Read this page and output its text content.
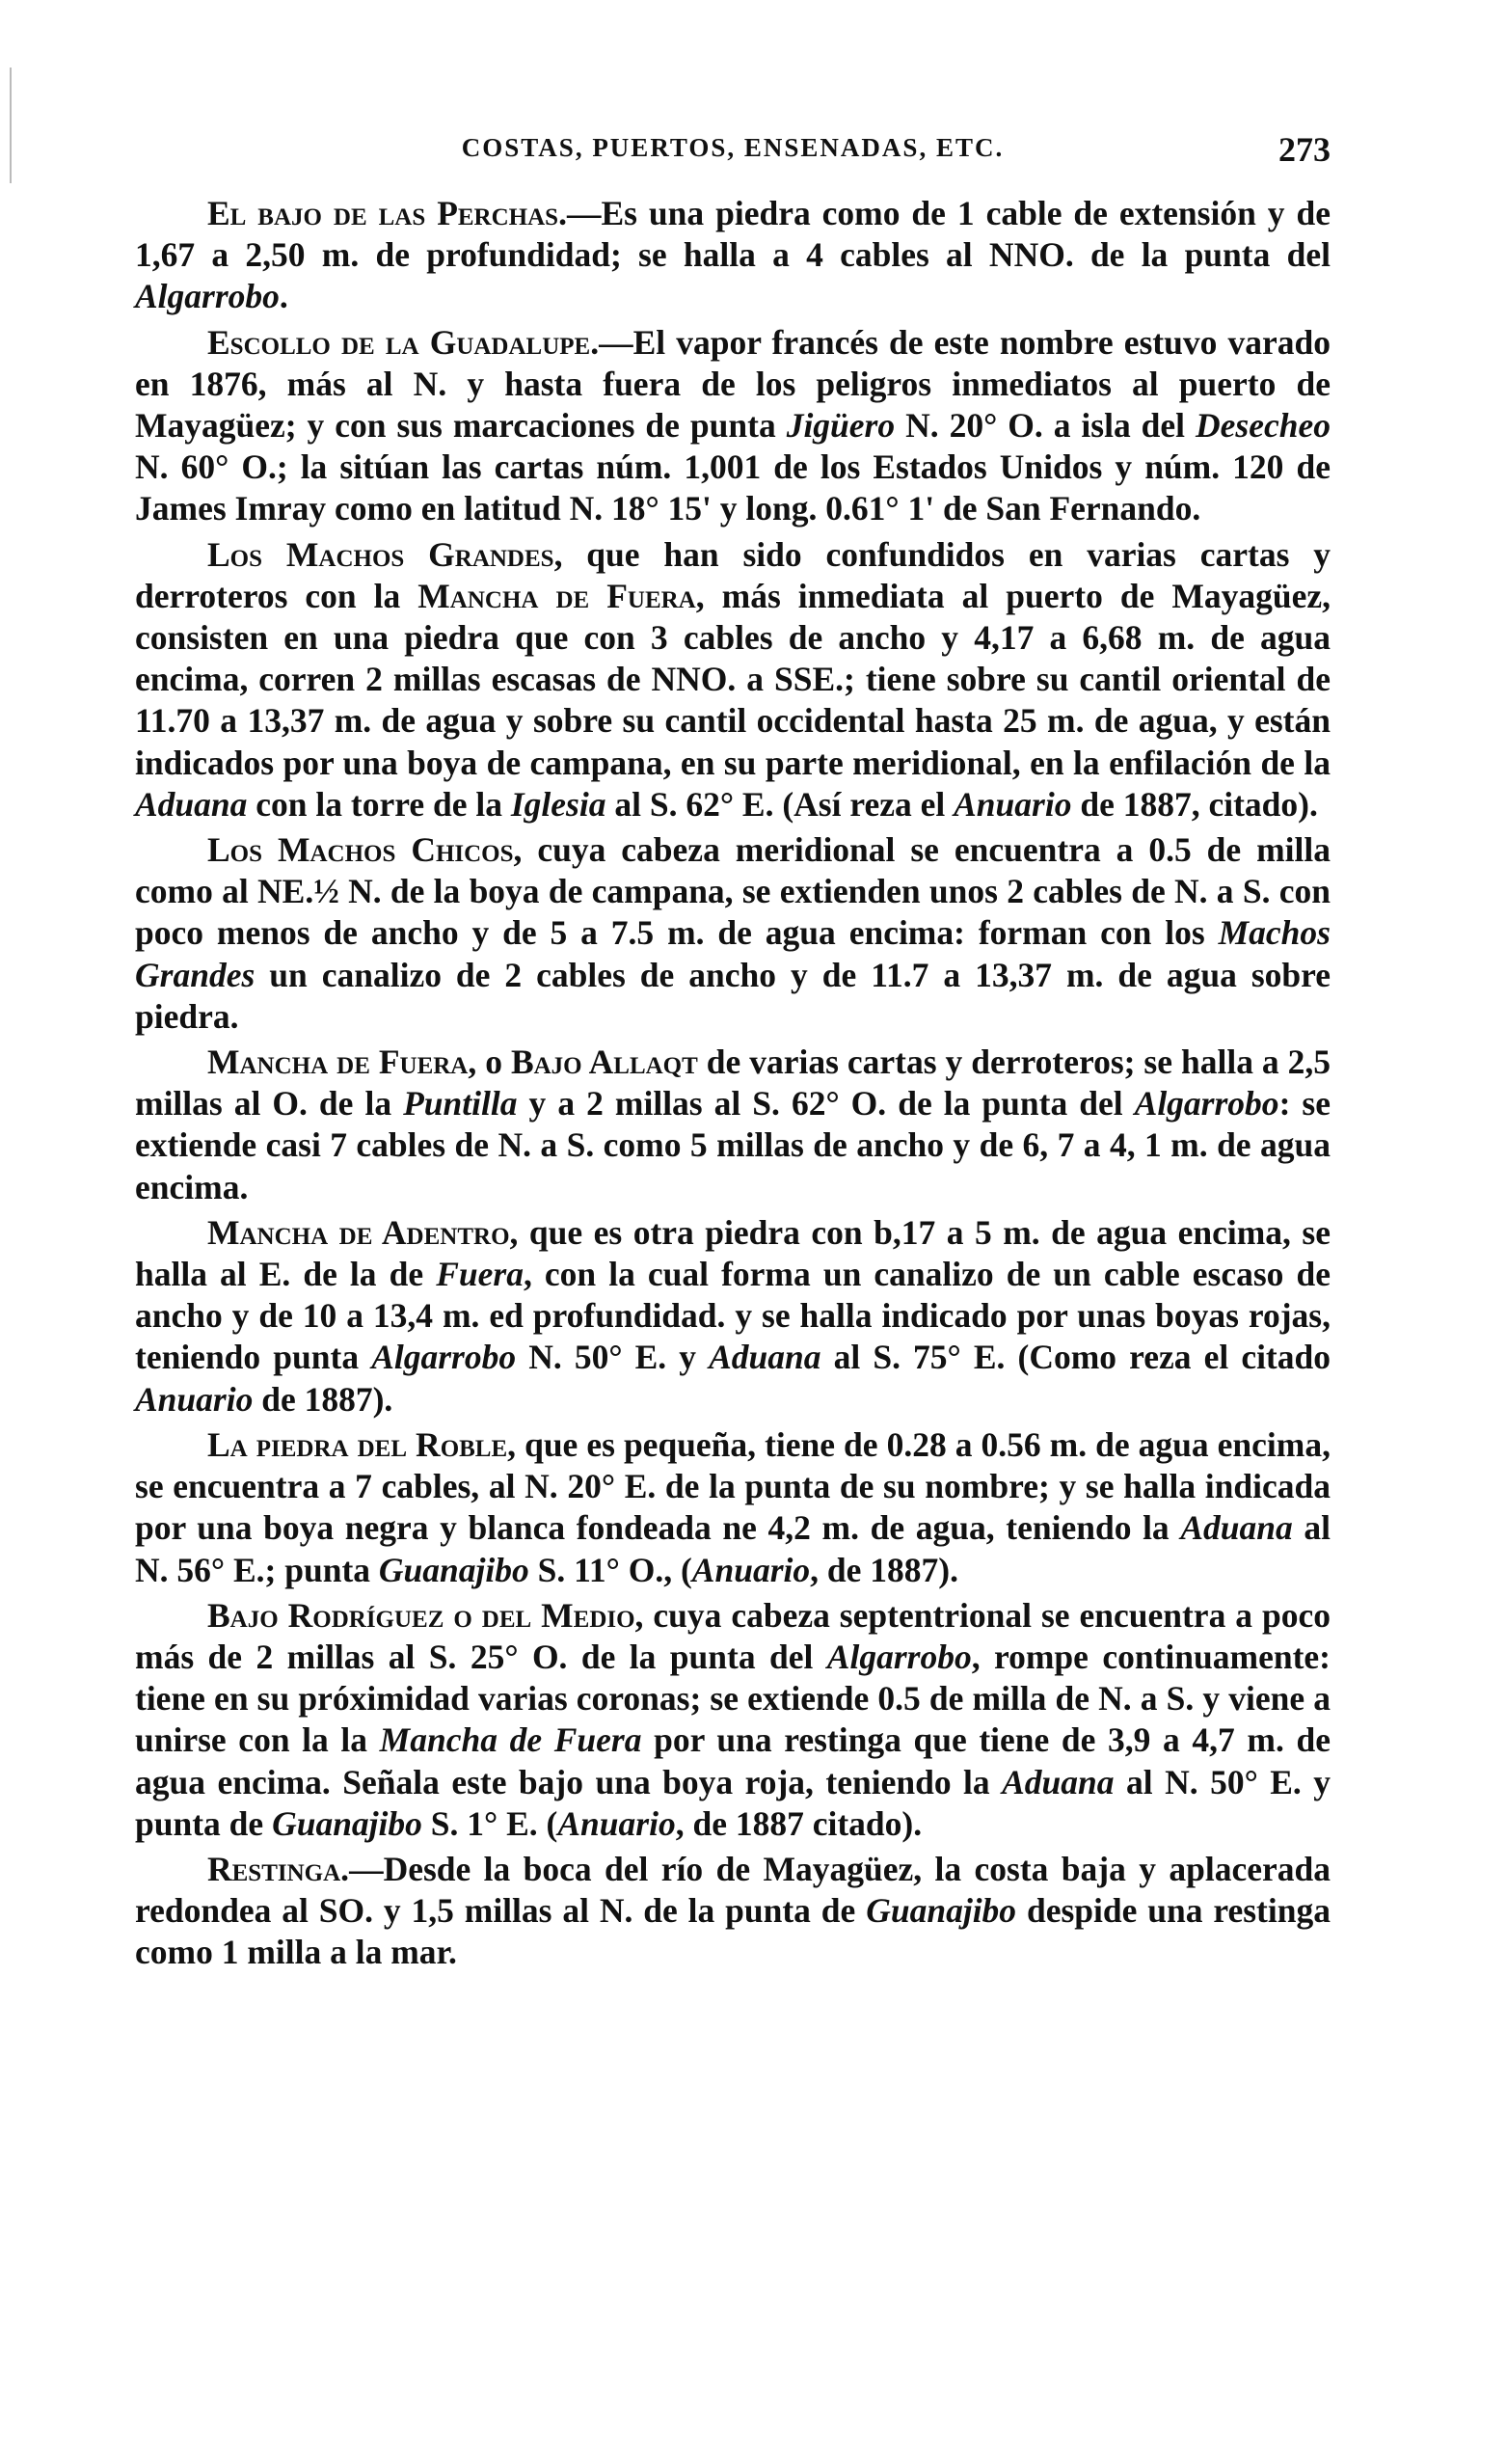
COSTAS, PUERTOS, ENSENADAS, ETC.	273

El bajo de las Perchas.—Es una piedra como de 1 cable de extensión y de 1,67 a 2,50 m. de profundidad; se halla a 4 cables al NNO. de la punta del Algarrobo.

Escollo de la Guadalupe.—El vapor francés de este nombre estuvo varado en 1876, más al N. y hasta fuera de los peligros inmediatos al puerto de Mayagüez; y con sus marcaciones de punta Jigüero N. 20° O. a isla del Desecheo N. 60° O.; la sitúan las cartas núm. 1,001 de los Estados Unidos y núm. 120 de James Imray como en latitud N. 18° 15' y long. 0.61° 1' de San Fernando.

Los Machos Grandes, que han sido confundidos en varias cartas y derroteros con la Mancha de Fuera, más inmediata al puerto de Mayagüez, consisten en una piedra que con 3 cables de ancho y 4,17 a 6,68 m. de agua encima, corren 2 millas escasas de NNO. a SSE.; tiene sobre su cantil oriental de 11.70 a 13,37 m. de agua y sobre su cantil occidental hasta 25 m. de agua, y están indicados por una boya de campana, en su parte meridional, en la enfilación de la Aduana con la torre de la Iglesia al S. 62° E. (Así reza el Anuario de 1887, citado).

Los Machos Chicos, cuya cabeza meridional se encuentra a 0.5 de milla como al NE.½ N. de la boya de campana, se extienden unos 2 cables de N. a S. con poco menos de ancho y de 5 a 7.5 m. de agua encima: forman con los Machos Grandes un canalizo de 2 cables de ancho y de 11.7 a 13,37 m. de agua sobre piedra.

Mancha de Fuera, o Bajo Allaqt de varias cartas y derroteros; se halla a 2,5 millas al O. de la Puntilla y a 2 millas al S. 62° O. de la punta del Algarrobo: se extiende casi 7 cables de N. a S. como 5 millas de ancho y de 6, 7 a 4, 1 m. de agua encima.

Mancha de Adentro, que es otra piedra con b,17 a 5 m. de agua encima, se halla al E. de la de Fuera, con la cual forma un canalizo de un cable escaso de ancho y de 10 a 13,4 m. ed profundidad. y se halla indicado por unas boyas rojas, teniendo punta Algarrobo N. 50° E. y Aduana al S. 75° E. (Como reza el citado Anuario de 1887).

La piedra del Roble, que es pequeña, tiene de 0.28 a 0.56 m. de agua encima, se encuentra a 7 cables, al N. 20° E. de la punta de su nombre; y se halla indicada por una boya negra y blanca fondeada ne 4,2 m. de agua, teniendo la Aduana al N. 56° E.; punta Guanajibo S. 11° O., (Anuario, de 1887).

Bajo Rodríguez o del Medio, cuya cabeza septentrional se encuentra a poco más de 2 millas al S. 25° O. de la punta del Algarrobo, rompe continuamente: tiene en su próximidad varias coronas; se extiende 0.5 de milla de N. a S. y viene a unirse con la la Mancha de Fuera por una restinga que tiene de 3,9 a 4,7 m. de agua encima. Señala este bajo una boya roja, teniendo la Aduana al N. 50° E. y punta de Guanajibo S. 1° E. (Anuario, de 1887 citado).

Restinga.—Desde la boca del río de Mayagüez, la costa baja y aplacerada redondea al SO. y 1,5 millas al N. de la punta de Guanajibo despide una restinga como 1 milla a la mar.
